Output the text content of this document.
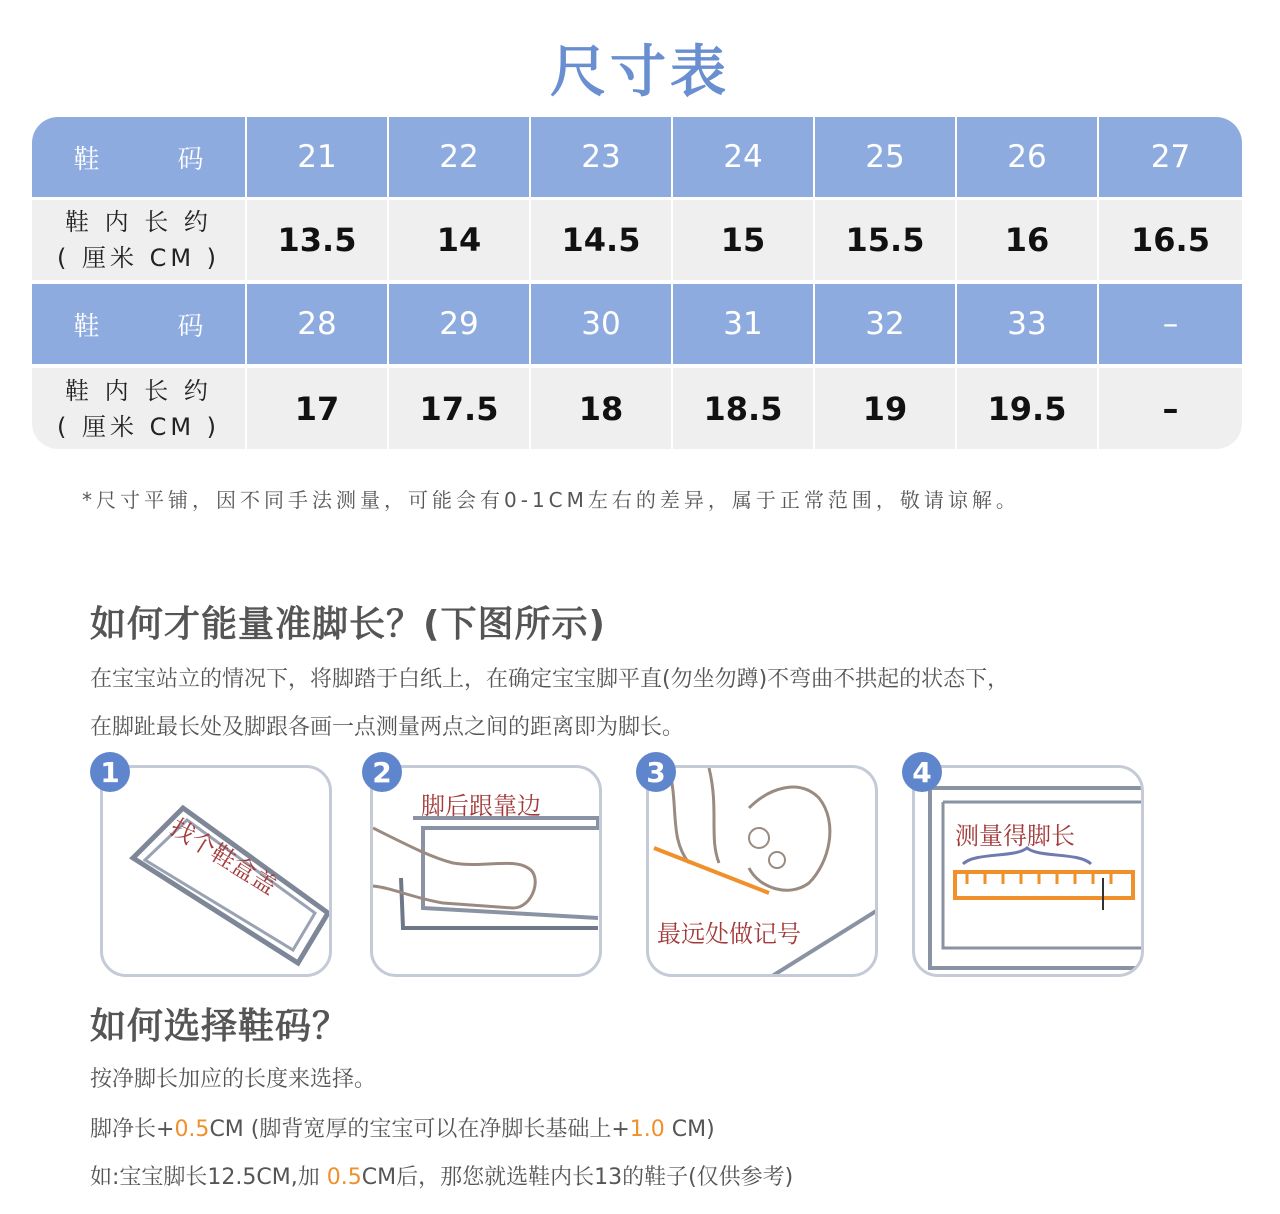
尺寸表
鞋	码	21	22	23	24	25	26	27
鞋 内 长 约
( 厘米 CM )	13.5	14	14.5	15	15.5	16	16.5
鞋	码	28	29	30	31	32	33	–
鞋 内 长 约
( 厘米 CM )	17	17.5	18	18.5	19	19.5	–
*尺寸平铺，因不同手法测量，可能会有0-1CM左右的差异，属于正常范围，敬请谅解。
如何才能量准脚长？(下图所示)
在宝宝站立的情况下，将脚踏于白纸上，在确定宝宝脚平直(勿坐勿蹲)不弯曲不拱起的状态下，
在脚趾最长处及脚跟各画一点测量两点之间的距离即为脚长。
1
找个鞋盒盖
2
脚后跟靠边
3
最远处做记号
4
测量得脚长
如何选择鞋码？
按净脚长加应的长度来选择。
脚净长+0.5CM (脚背宽厚的宝宝可以在净脚长基础上+1.0 CM)
如:宝宝脚长12.5CM,加 0.5CM后，那您就选鞋内长13的鞋子(仅供参考)
